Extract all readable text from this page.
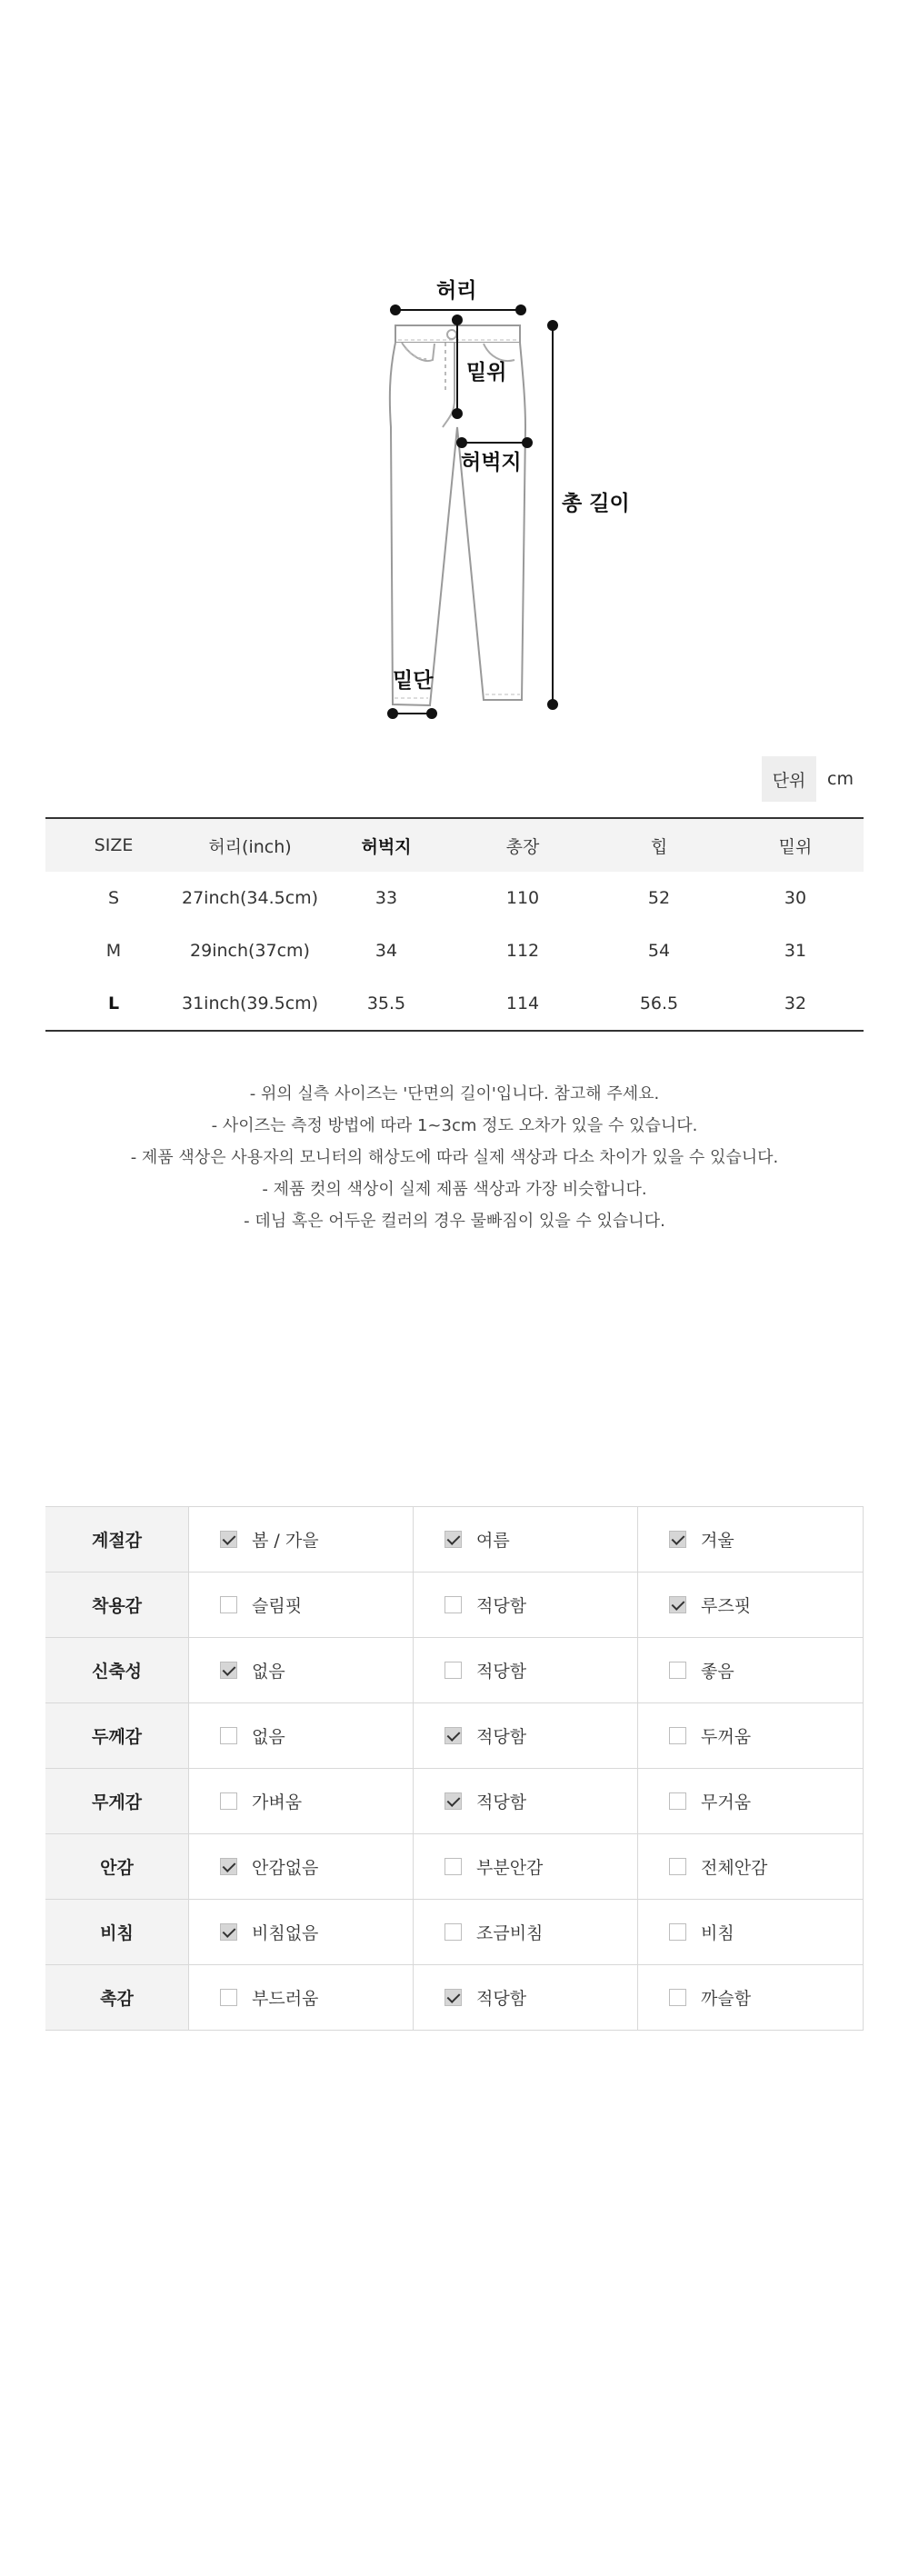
허리
밑위
허벅지
총 길이
밑단
단위	cm
SIZE	허리(inch)	허벅지	총장	힙	밑위
S	27inch(34.5cm)	33	110	52	30
M	29inch(37cm)	34	112	54	31
L	31inch(39.5cm)	35.5	114	56.5	32

- 위의 실측 사이즈는 '단면의 길이'입니다. 참고해 주세요.

- 사이즈는 측정 방법에 따라 1~3cm 정도 오차가 있을 수 있습니다.

- 제품 색상은 사용자의 모니터의 해상도에 따라 실제 색상과 다소 차이가 있을 수 있습니다.

- 제품 컷의 색상이 실제 제품 색상과 가장 비슷합니다.

- 데님 혹은 어두운 컬러의 경우 물빠짐이 있을 수 있습니다.

계절감	봄 / 가을	여름	겨울
착용감	슬림핏	적당함	루즈핏
신축성	없음	적당함	좋음
두께감	없음	적당함	두꺼움
무게감	가벼움	적당함	무거움
안감	안감없음	부분안감	전체안감
비침	비침없음	조금비침	비침
촉감	부드러움	적당함	까슬함
